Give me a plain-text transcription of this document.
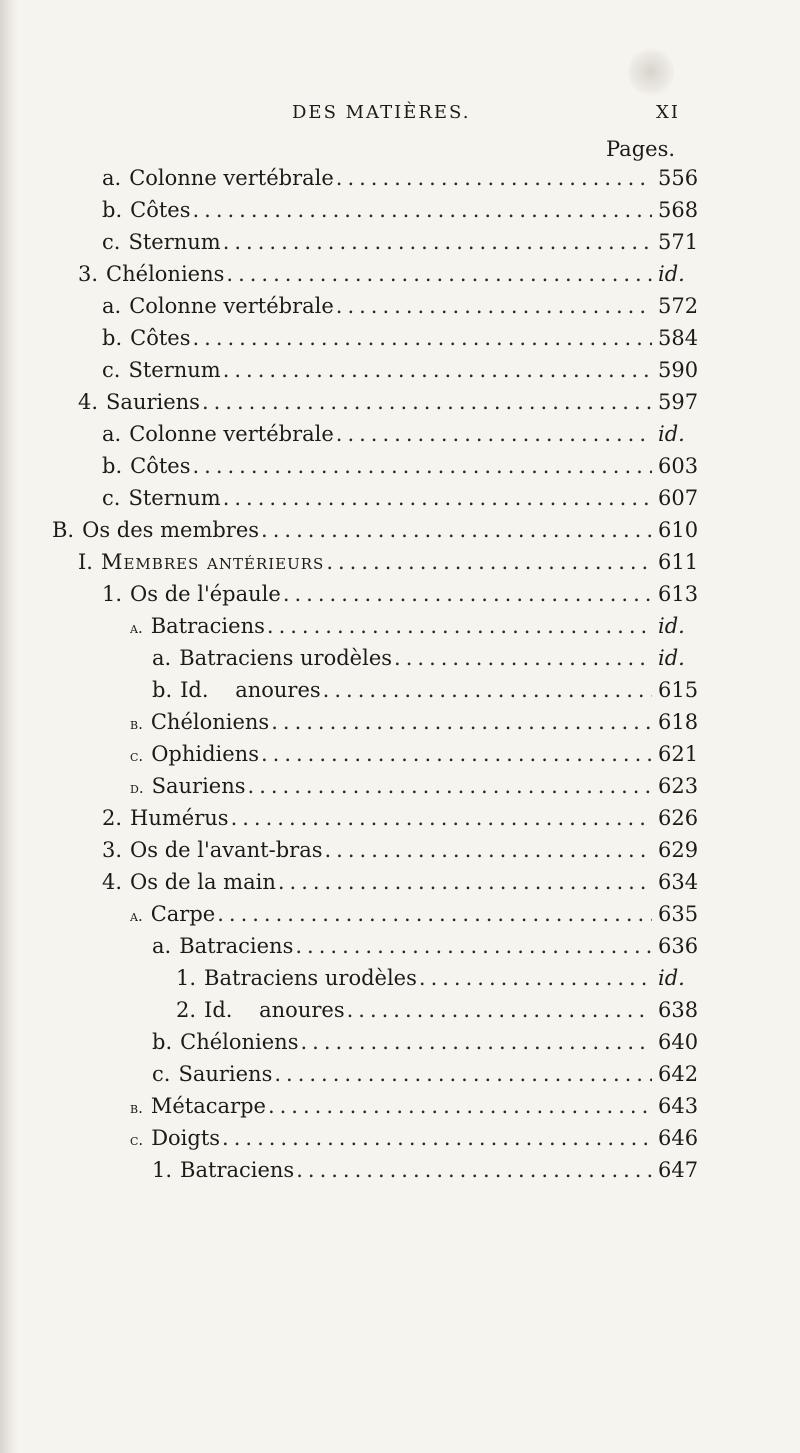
DES MATIÈRES.	XI
Pages.
a. Colonne vertébrale .....	556
b. Côtes .....	568
c. Sternum .....	571
3. Chéloniens .....	id.
a. Colonne vertébrale .....	572
b. Côtes .....	584
c. Sternum .....	590
4. Sauriens .....	597
a. Colonne vertébrale .....	id.
b. Côtes .....	603
c. Sternum .....	607
B. Os des membres .....	610
I. Membres antérieurs .....	611
1. Os de l'épaule .....	613
a. Batraciens .....	id.
a. Batraciens urodèles .....	id.
b. Id. anoures .....	615
b. Chéloniens .....	618
c. Ophidiens .....	621
d. Sauriens .....	623
2. Humérus .....	626
3. Os de l'avant-bras .....	629
4. Os de la main .....	634
a. Carpe .....	635
a. Batraciens .....	636
1. Batraciens urodèles .....	id.
2. Id. anoures .....	638
b. Chéloniens .....	640
c. Sauriens .....	642
b. Métacarpe .....	643
c. Doigts .....	646
1. Batraciens .....	647
